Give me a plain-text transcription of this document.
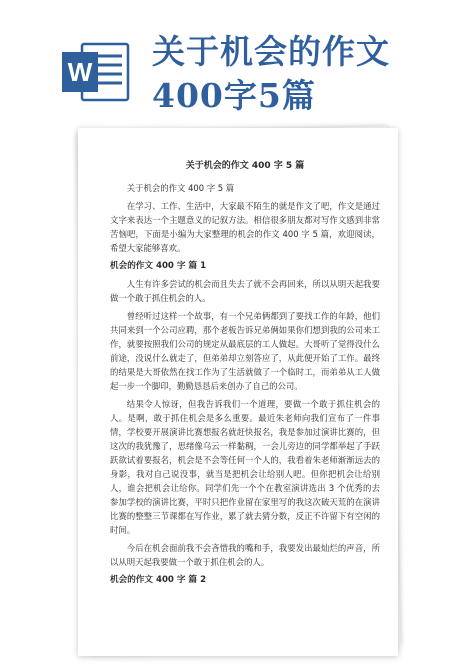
W
关于机会的作文400字5篇
关于机会的作文 400 字 5 篇

关于机会的作文 400 字 5 篇

在学习、工作、生活中，大家最不陌生的就是作文了吧，作文是通过文字来表达一个主题意义的记叙方法。相信很多朋友都对写作文感到非常苦恼吧，下面是小编为大家整理的机会的作文 400 字 5 篇，欢迎阅读，希望大家能够喜欢。

机会的作文 400 字 篇 1

人生有许多尝试的机会而且失去了就不会再回来，所以从明天起我要做一个敢于抓住机会的人。

曾经听过这样一个故事，有一个兄弟俩都到了要找工作的年龄，他们共同来到一个公司应聘，那个老板告诉兄弟俩如果你们想到我的公司来工作，就要按照我们公司的规定从最底层的工人做起。大哥听了觉得没什么前途，没说什么就走了，但弟弟却立刻答应了，从此便开始了工作。最终的结果是大哥依然在找工作为了生活就做了一个临时工，而弟弟从工人做起一步一个脚印，勤勤恳恳后来创办了自己的公司。

结果令人惊讶，但我告诉我们一个道理，要做一个敢于抓住机会的人。是啊，敢于抓住机会是多么重要。最近朱老师向我们宣布了一件事情，学校要开展演讲比赛想报名就赶快报名，我是参加过演讲比赛的，但这次的我犹豫了，思绪像乌云一样黏稠，一会儿旁边的同学都举起了手跃跃欲试着要报名，机会是不会等任何一个人的，我看着朱老师渐渐远去的身影，我对自己说没事，就当是把机会让给别人吧。但你把机会让给别人，谁会把机会让给你。同学们先一个个在教室演讲选出 3 个优秀的去参加学校的演讲比赛，平时只把作业留在家里写的我这次破天荒的在演讲比赛的整整三节课都在写作业，累了就去猜分数，反正不许留下有空闲的时间。

今后在机会面前我不会吝惜我的嘴和手，我要发出最灿烂的声音，所以从明天起我要做一个敢于抓住机会的人。

机会的作文 400 字 篇 2
